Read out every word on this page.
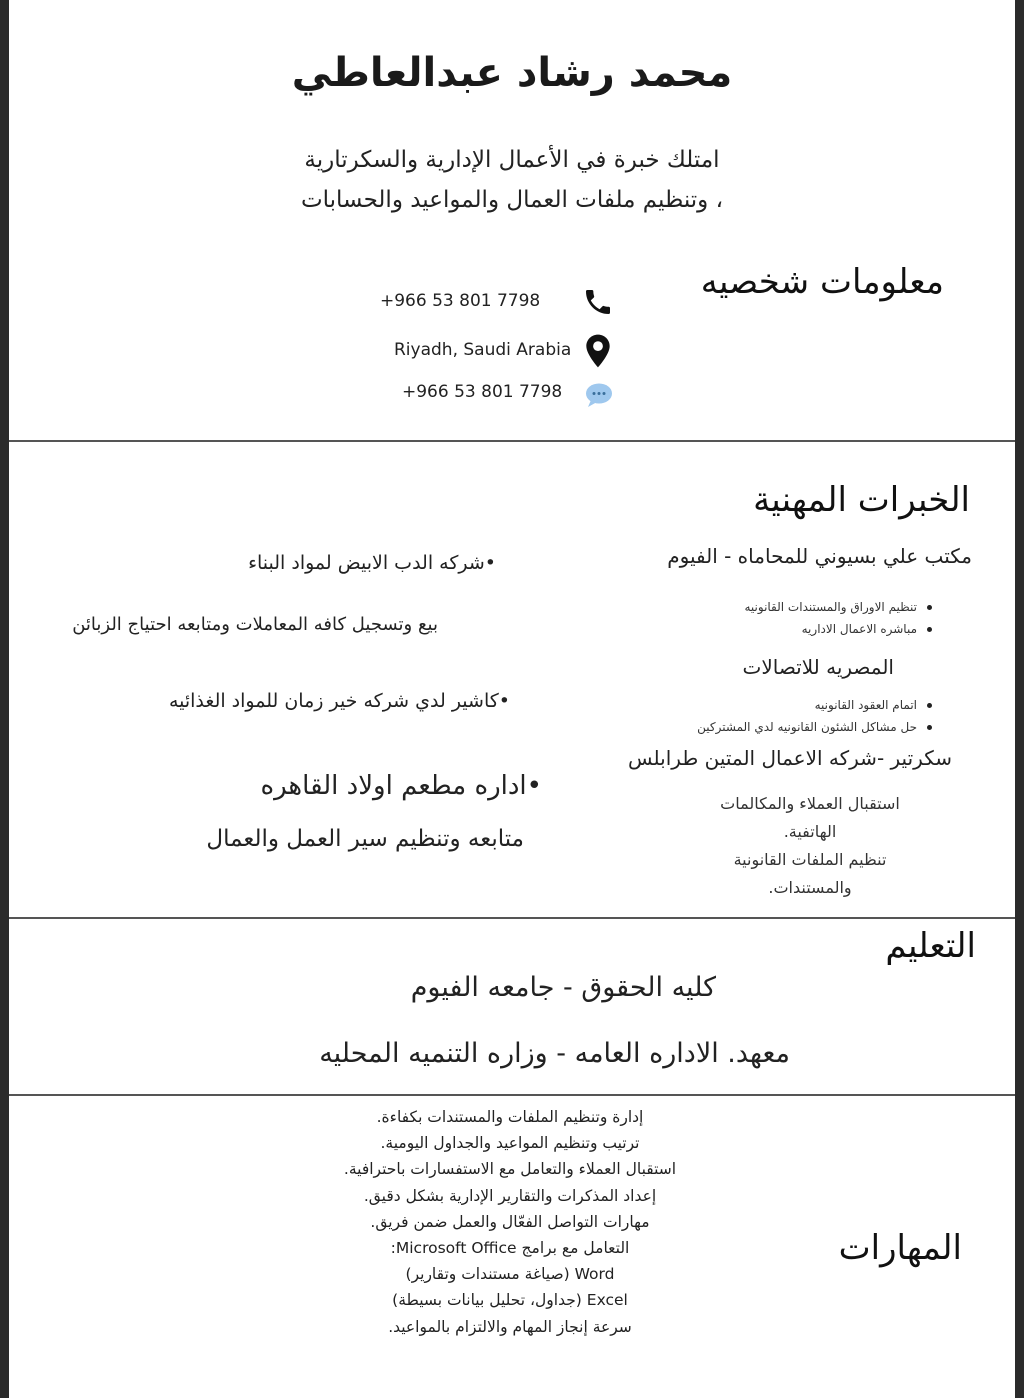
محمد رشاد عبدالعاطي
امتلك خبرة في الأعمال الإدارية والسكرتارية
، وتنظيم ملفات العمال والمواعيد والحسابات
معلومات شخصيه
+966 53 801 7798
Riyadh, Saudi Arabia
+966 53 801 7798
الخبرات المهنية
مكتب علي بسيوني للمحاماه - الفيوم
تنظيم الاوراق والمستندات القانونيه
مباشره الاعمال الاداريه
المصريه للاتصالات
اتمام العقود القانونيه
حل مشاكل الشئون القانونيه لدي المشتركين
سكرتير -شركه الاعمال المتين طرابلس
استقبال العملاء والمكالمات
الهاتفية.
تنظيم الملفات القانونية
والمستندات.
•شركه الدب الابيض لمواد البناء
بيع وتسجيل كافه المعاملات ومتابعه احتياج الزبائن
•كاشير لدي شركه خير زمان للمواد الغذائيه
•اداره مطعم اولاد القاهره
متابعه وتنظيم سير العمل والعمال
التعليم
كليه الحقوق - جامعه الفيوم
معهد. الاداره العامه - وزاره التنميه المحليه
المهارات
إدارة وتنظيم الملفات والمستندات بكفاءة.
ترتيب وتنظيم المواعيد والجداول اليومية.
استقبال العملاء والتعامل مع الاستفسارات باحترافية.
إعداد المذكرات والتقارير الإدارية بشكل دقيق.
مهارات التواصل الفعّال والعمل ضمن فريق.
التعامل مع برامج Microsoft Office:
Word (صياغة مستندات وتقارير)
Excel (جداول، تحليل بيانات بسيطة)
سرعة إنجاز المهام والالتزام بالمواعيد.
